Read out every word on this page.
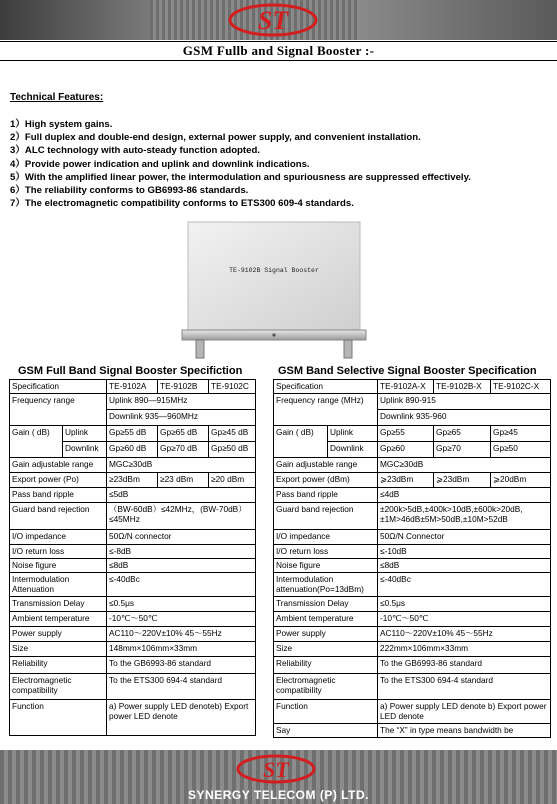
ST
GSM Fullb and Signal Booster :-
Technical Features:
1）High system gains.
2）Full duplex and double-end design, external power supply, and convenient installation.
3）ALC technology with auto-steady function adopted.
4）Provide power indication and uplink and downlink indications.
5）With the amplified linear power, the intermodulation and spuriousness are suppressed effectively.
6）The reliability conforms to GB6993-86 standards.
7）The electromagnetic compatibility conforms to ETS300 609-4 standards.
TE-9102B Signal Booster
GSM Full Band Signal Booster Specifiction	GSM Band Selective Signal Booster Specification
Specification		TE-9102A	TE-9102B	TE-9102C
Frequency range		Uplink 890—915MHz		
		Downlink 935—960MHz		
Gain ( dB)	Uplink	Gp≥55 dB	Gp≥65 dB	Gp≥45 dB
	Downlink	Gp≥60 dB	Gp≥70 dB	Gp≥50 dB
Gain adjustable range		MGC≥30dB		
Export power (Po)		≥23dBm	≥23 dBm	≥20 dBm
Pass band ripple		≤5dB		
Guard band rejection		（BW-60dB）≤42MHz，(BW-70dB）≤45MHz		
I/O impedance		50Ω/N connector		
I/O return loss		≤-8dB		
Noise figure		≤8dB		
Intermodulation Attenuation		≤-40dBc		
Transmission Delay		≤0.5μs		
Ambient temperature		-10℃～50℃		
Power supply		AC110～220V±10% 45～55Hz		
Size		148mm×106mm×33mm		
Reliability		To the GB6993-86 standard		
Electromagnetic compatibility		To the ETS300 694-4 standard		
Function		a) Power supply LED denoteb) Export power LED denote		
Specification		TE-9102A-X	TE-9102B-X	TE-9102C-X
Frequency range (MHz)		Uplink 890-915		
		Downlink 935-960		
Gain ( dB)	Uplink	Gp≥55	Gp≥65	Gp≥45
	Downlink	Gp≥60	Gp≥70	Gp≥50
Gain adjustable range		MGC≥30dB		
Export power (dBm)		⩾23dBm	⩾23dBm	⩾20dBm
Pass band ripple		≤4dB		
Guard band rejection		±200k>5dB,±400k>10dB,±600k>20dB, ±1M>46dB±5M>50dB,±10M>52dB		
I/O impedance		50Ω/N Connector		
I/O return loss		≤-10dB		
Noise figure		≤8dB		
Intermodulation attenuation(Po=13dBm)		≤-40dBc		
Transmission Delay		≤0.5μs		
Ambient temperature		-10℃～50℃		
Power supply		AC110～220V±10% 45～55Hz		
Size		222mm×106mm×33mm		
Reliability		To the GB6993-86 standard		
Electromagnetic compatibility		To the ETS300 694-4 standard		
Function		a) Power supply LED denote b) Export power LED denote		
Say		The “X” in type means bandwidth be		
ST
SYNERGY TELECOM (P) LTD.
